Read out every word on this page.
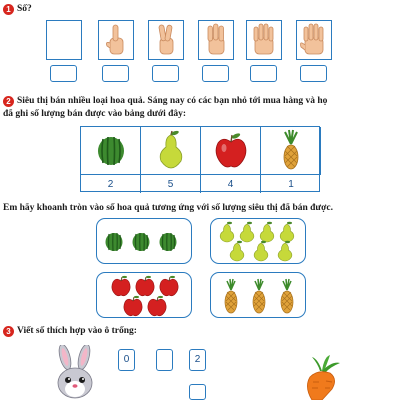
1 Số?
2 Siêu thị bán nhiều loại hoa quả. Sáng nay có các bạn nhỏ tới mua hàng và họ
đã ghi số lượng bán được vào bảng dưới đây:
2	5	4	1
Em hãy khoanh tròn vào số hoa quả tương ứng với số lượng siêu thị đã bán được.
3 Viết số thích hợp vào ô trống:
0	2
